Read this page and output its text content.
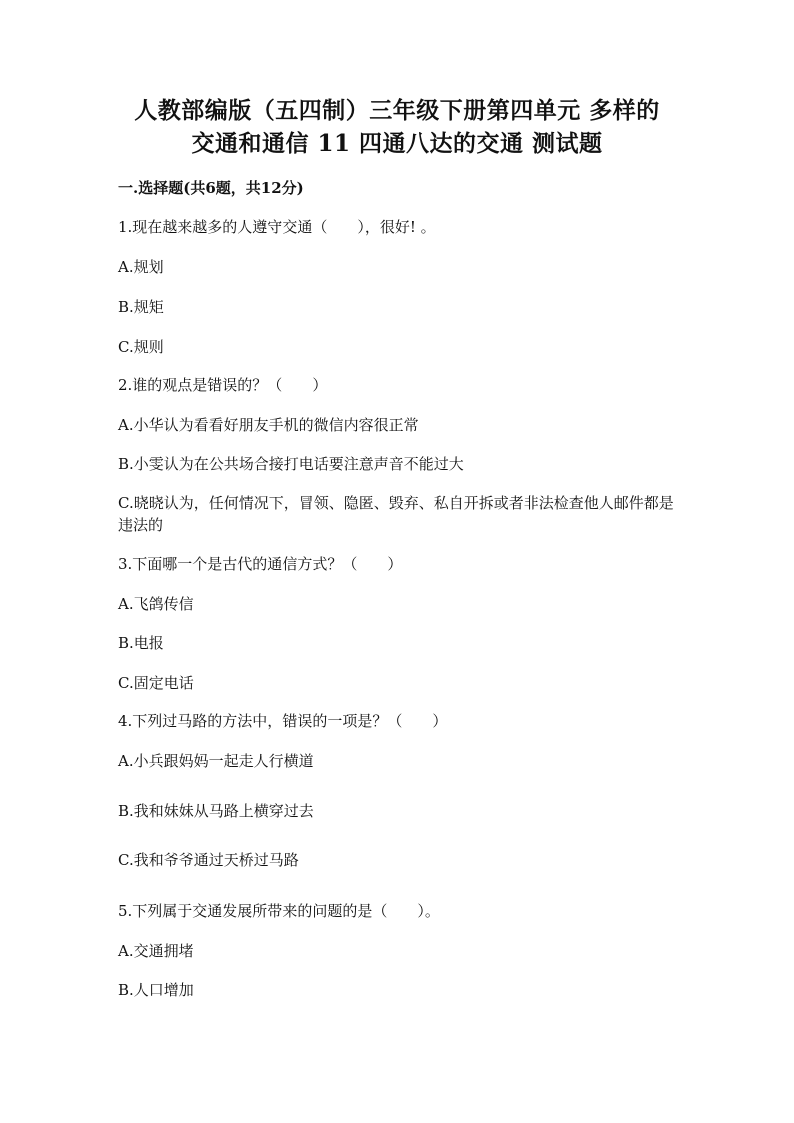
人教部编版（五四制）三年级下册第四单元 多样的
交通和通信 11 四通八达的交通 测试题
一.选择题(共6题，共12分)
1.现在越来越多的人遵守交通（　　），很好! 。
A.规划
B.规矩
C.规则
2.谁的观点是错误的？（　　）
A.小华认为看看好朋友手机的微信内容很正常
B.小雯认为在公共场合接打电话要注意声音不能过大
C.晓晓认为，任何情况下，冒领、隐匿、毁弃、私自开拆或者非法检查他人邮件都是违法的
3.下面哪一个是古代的通信方式？（　　）
A.飞鸽传信
B.电报
C.固定电话
4.下列过马路的方法中，错误的一项是？（　　）
A.小兵跟妈妈一起走人行横道
B.我和妹妹从马路上横穿过去
C.我和爷爷通过天桥过马路
5.下列属于交通发展所带来的问题的是（　　）。
A.交通拥堵
B.人口增加
